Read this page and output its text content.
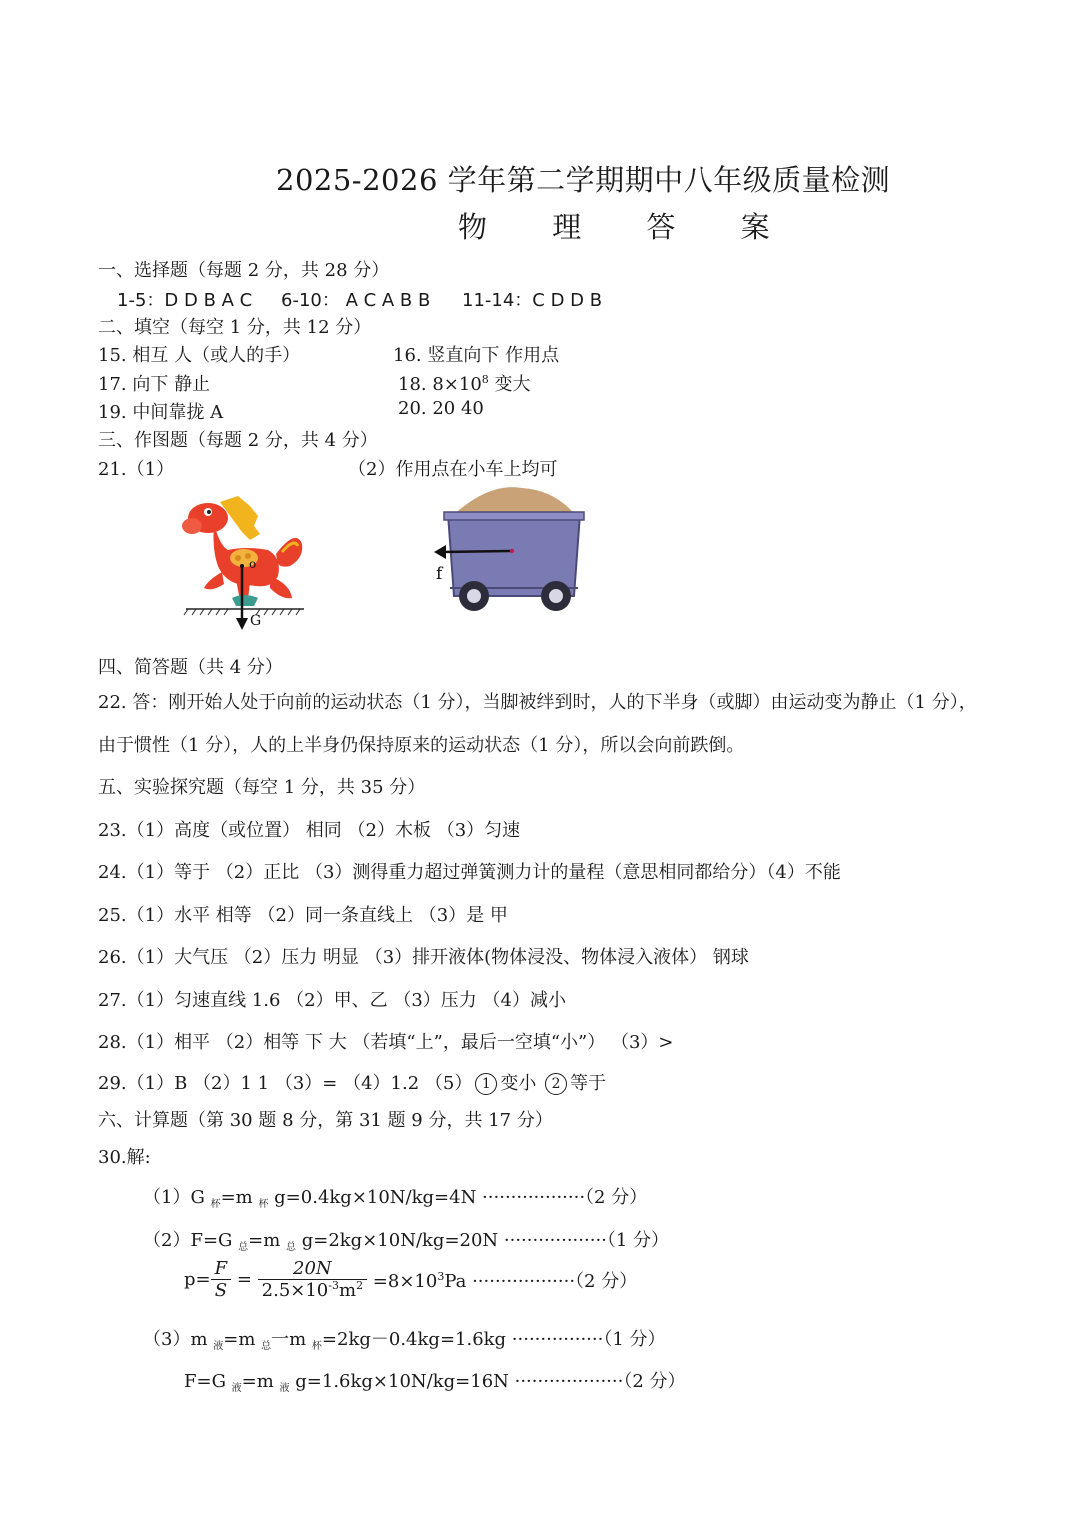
2025-2026 学年第二学期期中八年级质量检测
物 理 答 案
一、选择题（每题 2 分，共 28 分）
1-5：D D B A C 6-10： A C A B B 11-14：C D D B
二、填空（每空 1 分，共 12 分）
15. 相互 人（或人的手）	16. 竖直向下 作用点
17. 向下 静止	18. $8\times 10^8$ 变大
19. 中间靠拢 A	20. 20 40
三、作图题（每题 2 分，共 4 分）
21.（1）	（2）作用点在小车上均可
o
G
f
四、简答题（共 4 分）
22. 答：刚开始人处于向前的运动状态（1 分），当脚被绊到时，人的下半身（或脚）由运动变为静止（1 分），
由于惯性（1 分），人的上半身仍保持原来的运动状态（1 分），所以会向前跌倒。
五、实验探究题（每空 1 分，共 35 分）
23.（1）高度（或位置） 相同 （2）木板 （3）匀速
24.（1）等于 （2）正比 （3）测得重力超过弹簧测力计的量程（意思相同都给分）（4）不能
25.（1）水平 相等 （2）同一条直线上 （3）是 甲
26.（1）大气压 （2）压力 明显 （3）排开液体(物体浸没、物体浸入液体） 钢球
27.（1）匀速直线 1.6 （2）甲、乙 （3）压力 （4）减小
28.（1）相平 （2）相等 下 大 （若填“上”，最后一空填“小”） （3）>
29.（1）B （2）1 1 （3）= （4）1.2 （5） 1 变小 2 等于
六、计算题（第 30 题 8 分，第 31 题 9 分，共 17 分）
30.解:
（1）G $_杯$=m $_杯$ g=0.4kg×10N/kg=4N ··················（2 分）
（2）F=G $_总$=m $_总$ g=2kg×10N/kg=20N ··················（1 分）
$p= \frac{F}{S} = \frac{20N}{2.5\times 10^{-3}m^2} =8\times 10^3Pa \cdot\cdot\cdot\cdot\cdot\cdot\cdot\cdot\cdot\cdot\cdot\cdot\cdot\cdot\cdot\cdot\cdot\cdot(2$ 分）
（3）m $_液$=m $_总$一m $_杯$=2kg－0.4kg=1.6kg ················（1 分）
F=G $_液$=m $_液$ g=1.6kg×10N/kg=16N ···················（2 分）
